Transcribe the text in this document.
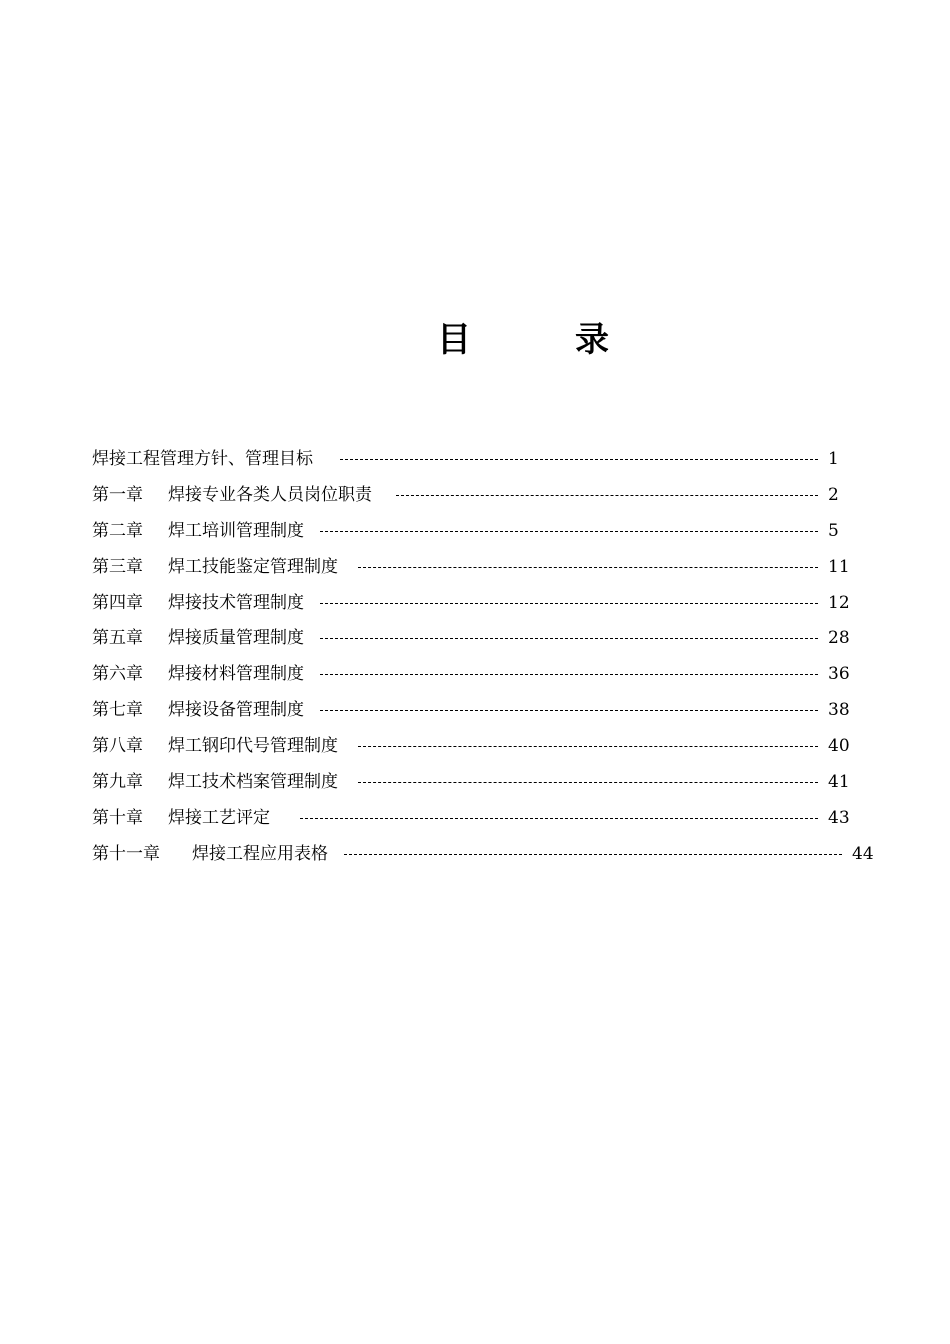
目	录
焊接工程管理方针、管理目标	1
第一章 焊接专业各类人员岗位职责	2
第二章 焊工培训管理制度	5
第三章 焊工技能鉴定管理制度	11
第四章 焊接技术管理制度	12
第五章 焊接质量管理制度	28
第六章 焊接材料管理制度	36
第七章 焊接设备管理制度	38
第八章 焊工钢印代号管理制度	40
第九章 焊工技术档案管理制度	41
第十章 焊接工艺评定	43
第十一章 焊接工程应用表格	44
